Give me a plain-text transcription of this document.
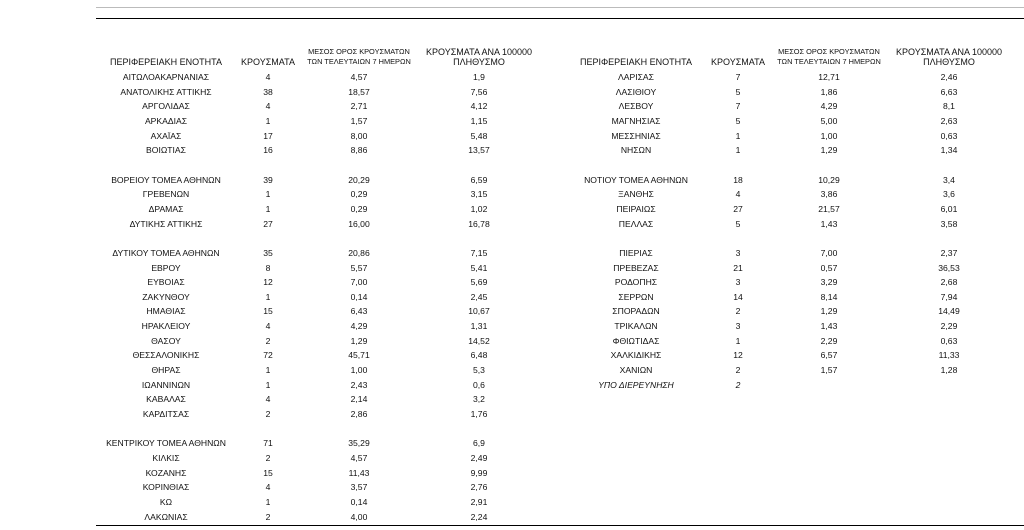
ΠΕΡΙΦΕΡΕΙΑΚΗ ΕΝΟΤΗΤΑ	ΚΡΟΥΣΜΑΤΑ	ΜΕΣΟΣ ΟΡΟΣ ΚΡΟΥΣΜΑΤΩΝ ΤΩΝ ΤΕΛΕΥΤΑΙΩΝ 7 ΗΜΕΡΩΝ	ΚΡΟΥΣΜΑΤΑ ΑΝΑ 100000 ΠΛΗΘΥΣΜΟ
ΑΙΤΩΛΟΑΚΑΡΝΑΝΙΑΣ	4	4,57	1,9
ΑΝΑΤΟΛΙΚΗΣ ΑΤΤΙΚΗΣ	38	18,57	7,56
ΑΡΓΟΛΙΔΑΣ	4	2,71	4,12
ΑΡΚΑΔΙΑΣ	1	1,57	1,15
ΑΧΑΪΑΣ	17	8,00	5,48
ΒΟΙΩΤΙΑΣ	16	8,86	13,57

ΒΟΡΕΙΟΥ ΤΟΜΕΑ ΑΘΗΝΩΝ	39	20,29	6,59
ΓΡΕΒΕΝΩΝ	1	0,29	3,15
ΔΡΑΜΑΣ	1	0,29	1,02
ΔΥΤΙΚΗΣ ΑΤΤΙΚΗΣ	27	16,00	16,78

ΔΥΤΙΚΟΥ ΤΟΜΕΑ ΑΘΗΝΩΝ	35	20,86	7,15
ΕΒΡΟΥ	8	5,57	5,41
ΕΥΒΟΙΑΣ	12	7,00	5,69
ΖΑΚΥΝΘΟΥ	1	0,14	2,45
ΗΜΑΘΙΑΣ	15	6,43	10,67
ΗΡΑΚΛΕΙΟΥ	4	4,29	1,31
ΘΑΣΟΥ	2	1,29	14,52
ΘΕΣΣΑΛΟΝΙΚΗΣ	72	45,71	6,48
ΘΗΡΑΣ	1	1,00	5,3
ΙΩΑΝΝΙΝΩΝ	1	2,43	0,6
ΚΑΒΑΛΑΣ	4	2,14	3,2
ΚΑΡΔΙΤΣΑΣ	2	2,86	1,76

ΚΕΝΤΡΙΚΟΥ ΤΟΜΕΑ ΑΘΗΝΩΝ	71	35,29	6,9
ΚΙΛΚΙΣ	2	4,57	2,49
ΚΟΖΑΝΗΣ	15	11,43	9,99
ΚΟΡΙΝΘΙΑΣ	4	3,57	2,76
ΚΩ	1	0,14	2,91
ΛΑΚΩΝΙΑΣ	2	4,00	2,24
ΠΕΡΙΦΕΡΕΙΑΚΗ ΕΝΟΤΗΤΑ	ΚΡΟΥΣΜΑΤΑ	ΜΕΣΟΣ ΟΡΟΣ ΚΡΟΥΣΜΑΤΩΝ ΤΩΝ ΤΕΛΕΥΤΑΙΩΝ 7 ΗΜΕΡΩΝ	ΚΡΟΥΣΜΑΤΑ ΑΝΑ 100000 ΠΛΗΘΥΣΜΟ
ΛΑΡΙΣΑΣ	7	12,71	2,46
ΛΑΣΙΘΙΟΥ	5	1,86	6,63
ΛΕΣΒΟΥ	7	4,29	8,1
ΜΑΓΝΗΣΙΑΣ	5	5,00	2,63
ΜΕΣΣΗΝΙΑΣ	1	1,00	0,63
ΝΗΣΩΝ	1	1,29	1,34

ΝΟΤΙΟΥ ΤΟΜΕΑ ΑΘΗΝΩΝ	18	10,29	3,4
ΞΑΝΘΗΣ	4	3,86	3,6
ΠΕΙΡΑΙΩΣ	27	21,57	6,01
ΠΕΛΛΑΣ	5	1,43	3,58

ΠΙΕΡΙΑΣ	3	7,00	2,37
ΠΡΕΒΕΖΑΣ	21	0,57	36,53
ΡΟΔΟΠΗΣ	3	3,29	2,68
ΣΕΡΡΩΝ	14	8,14	7,94
ΣΠΟΡΑΔΩΝ	2	1,29	14,49
ΤΡΙΚΑΛΩΝ	3	1,43	2,29
ΦΘΙΩΤΙΔΑΣ	1	2,29	0,63
ΧΑΛΚΙΔΙΚΗΣ	12	6,57	11,33
ΧΑΝΙΩΝ	2	1,57	1,28
ΥΠΟ ΔΙΕΡΕΥΝΗΣΗ	2		
